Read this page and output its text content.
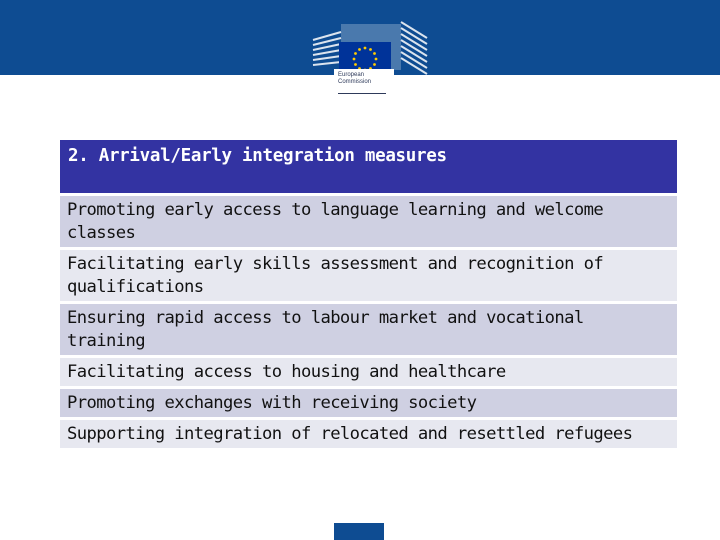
European
Commission
2. Arrival/Early integration measures
Promoting early access to language learning and welcome classes
Facilitating early skills assessment and recognition of qualifications
Ensuring rapid access to labour market and vocational training
Facilitating access to housing and healthcare
Promoting exchanges with receiving society
Supporting integration of relocated and resettled refugees
